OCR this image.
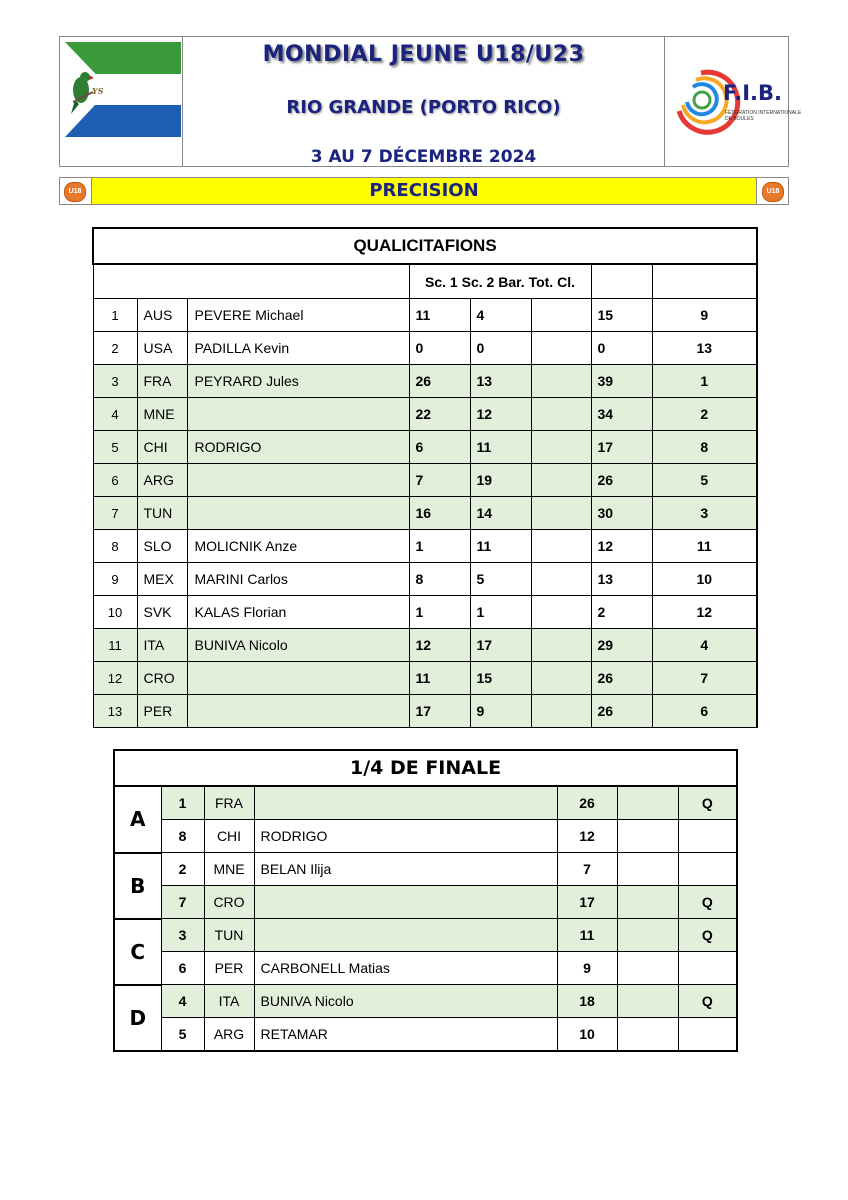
YS
MONDIAL JEUNE U18/U23
RIO GRANDE (PORTO RICO)
3 AU 7 DÉCEMBRE 2024
F.I.B.
FÉDÉRATION INTERNATIONALE
DE BOULES
U18	PRECISION	U18
QUALICITAFIONS							
			Sc. 1 Sc. 2 Bar. Tot. Cl.				
1	AUS	PEVERE Michael	11	4		15	9
2	USA	PADILLA Kevin	0	0		0	13
3	FRA	PEYRARD Jules	26	13		39	1
4	MNE		22	12		34	2
5	CHI	RODRIGO	6	11		17	8
6	ARG		7	19		26	5
7	TUN		16	14		30	3
8	SLO	MOLICNIK Anze	1	11		12	11
9	MEX	MARINI Carlos	8	5		13	10
10	SVK	KALAS Florian	1	1		2	12
11	ITA	BUNIVA Nicolo	12	17		29	4
12	CRO		11	15		26	7
13	PER		17	9		26	6
1/4 DE FINALE						
A	1	FRA		26		Q
	8	CHI	RODRIGO	12		
B	2	MNE	BELAN Ilija	7		
	7	CRO		17		Q
C	3	TUN		11		Q
	6	PER	CARBONELL Matias	9		
D	4	ITA	BUNIVA Nicolo	18		Q
	5	ARG	RETAMAR	10		
